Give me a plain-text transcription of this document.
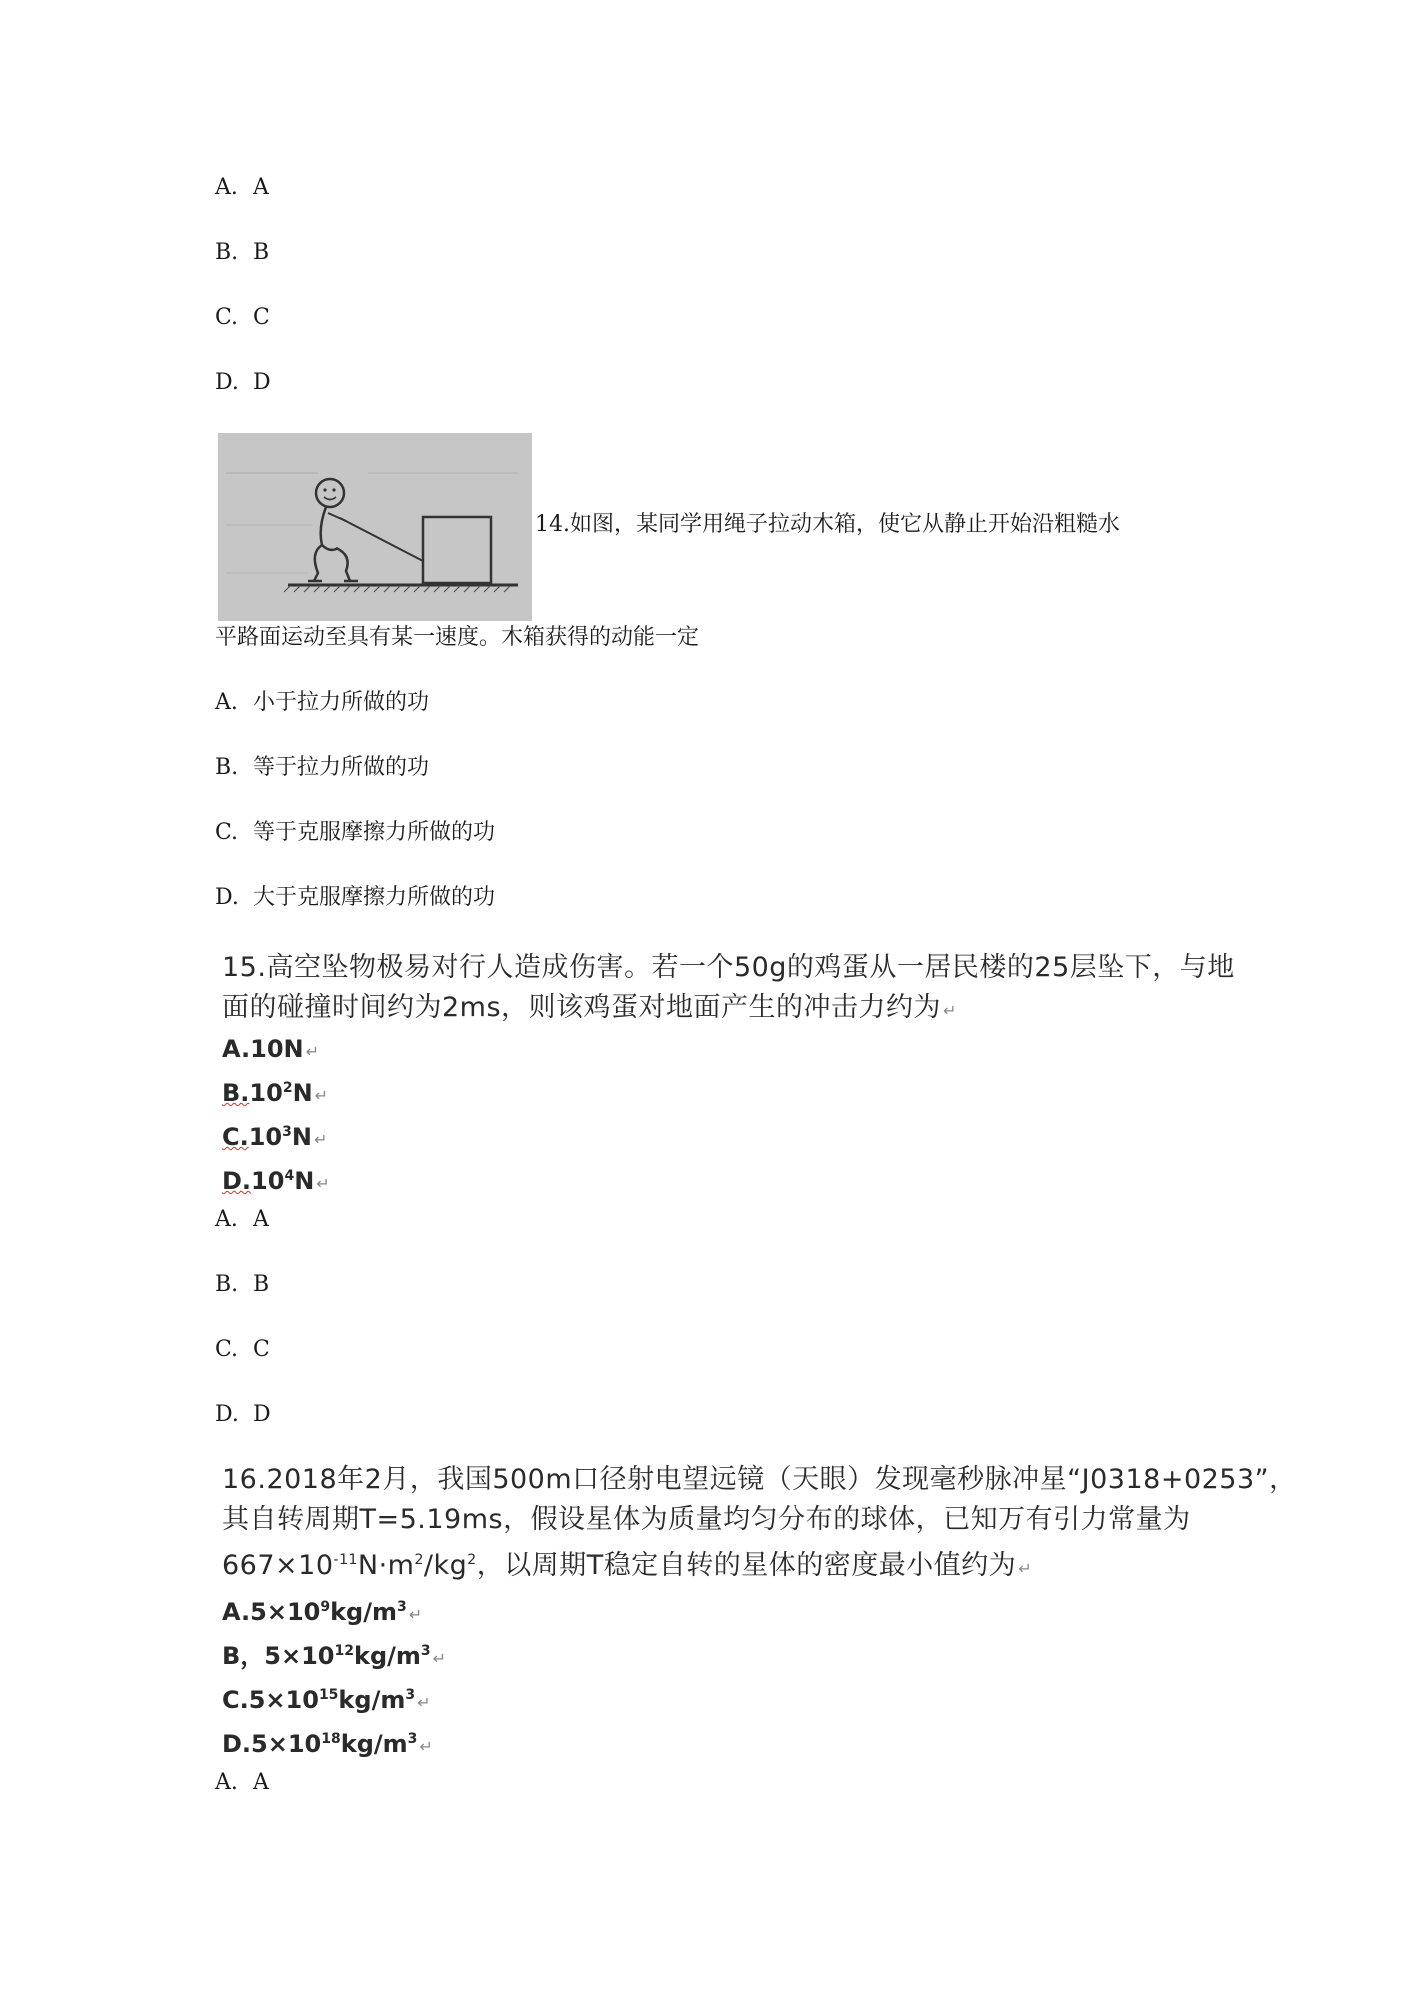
A. A
B. B
C. C
D. D
14.如图，某同学用绳子拉动木箱，使它从静止开始沿粗糙水
平路面运动至具有某一速度。木箱获得的动能一定
A. 小于拉力所做的功
B. 等于拉力所做的功
C. 等于克服摩擦力所做的功
D. 大于克服摩擦力所做的功
15.高空坠物极易对行人造成伤害。若一个50g的鸡蛋从一居民楼的25层坠下，与地
面的碰撞时间约为2ms，则该鸡蛋对地面产生的冲击力约为 ↵
A.10N ↵
$B.10^2N$ ↵
$C.10^3N$ ↵
$D.10^4N$ ↵
A. A
B. B
C. C
D. D
16.2018年2月，我国500m口径射电望远镜（天眼）发现毫秒脉冲星“J0318+0253”，
其自转周期T=5.19ms，假设星体为质量均匀分布的球体，已知万有引力常量为
$667\times 10^{-11}N\cdot m^2/kg^2$，以周期T稳定自转的星体的密度最小值约为 ↵
$A.5\times 10^9kg/m^3$ ↵
B，$5\times 10^{12}kg/m^3$ ↵
$C.5\times 10^{15}kg/m^3$ ↵
$D.5\times 10^{18}kg/m^3$ ↵
A. A
